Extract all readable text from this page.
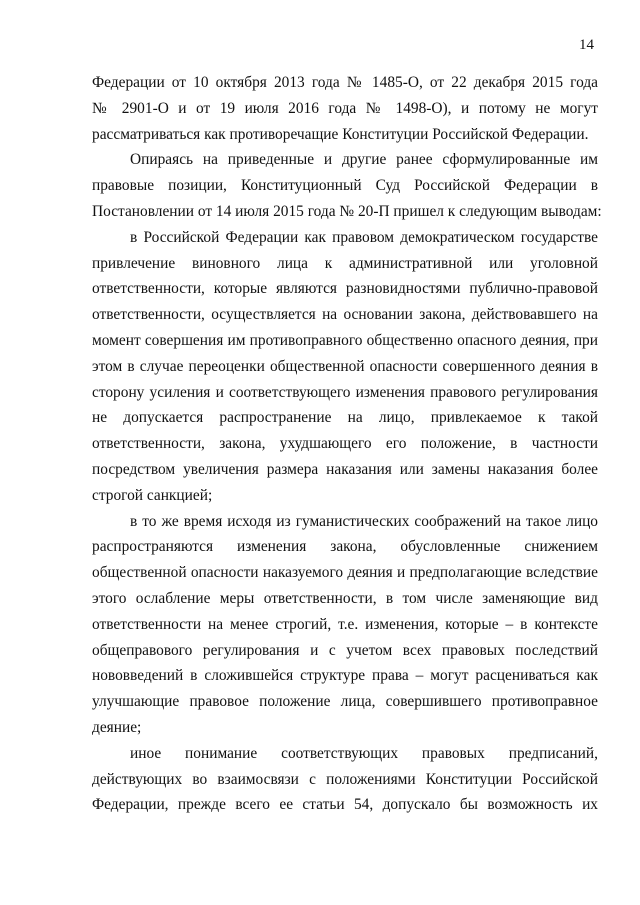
14
Федерации от 10 октября 2013 года № 1485-О, от 22 декабря 2015 года
№ 2901-О и от 19 июля 2016 года № 1498-О), и потому не могут
рассматриваться как противоречащие Конституции Российской Федерации.
Опираясь на приведенные и другие ранее сформулированные им
правовые позиции, Конституционный Суд Российской Федерации в
Постановлении от 14 июля 2015 года № 20-П пришел к следующим выводам:
в Российской Федерации как правовом демократическом государстве
привлечение виновного лица к административной или уголовной
ответственности, которые являются разновидностями публично-правовой
ответственности, осуществляется на основании закона, действовавшего на
момент совершения им противоправного общественно опасного деяния, при
этом в случае переоценки общественной опасности совершенного деяния в
сторону усиления и соответствующего изменения правового регулирования
не допускается распространение на лицо, привлекаемое к такой
ответственности, закона, ухудшающего его положение, в частности
посредством увеличения размера наказания или замены наказания более
строгой санкцией;
в то же время исходя из гуманистических соображений на такое лицо
распространяются изменения закона, обусловленные снижением
общественной опасности наказуемого деяния и предполагающие вследствие
этого ослабление меры ответственности, в том числе заменяющие вид
ответственности на менее строгий, т.е. изменения, которые – в контексте
общеправового регулирования и с учетом всех правовых последствий
нововведений в сложившейся структуре права – могут расцениваться как
улучшающие правовое положение лица, совершившего противоправное
деяние;
иное понимание соответствующих правовых предписаний,
действующих во взаимосвязи с положениями Конституции Российской
Федерации, прежде всего ее статьи 54, допускало бы возможность их
